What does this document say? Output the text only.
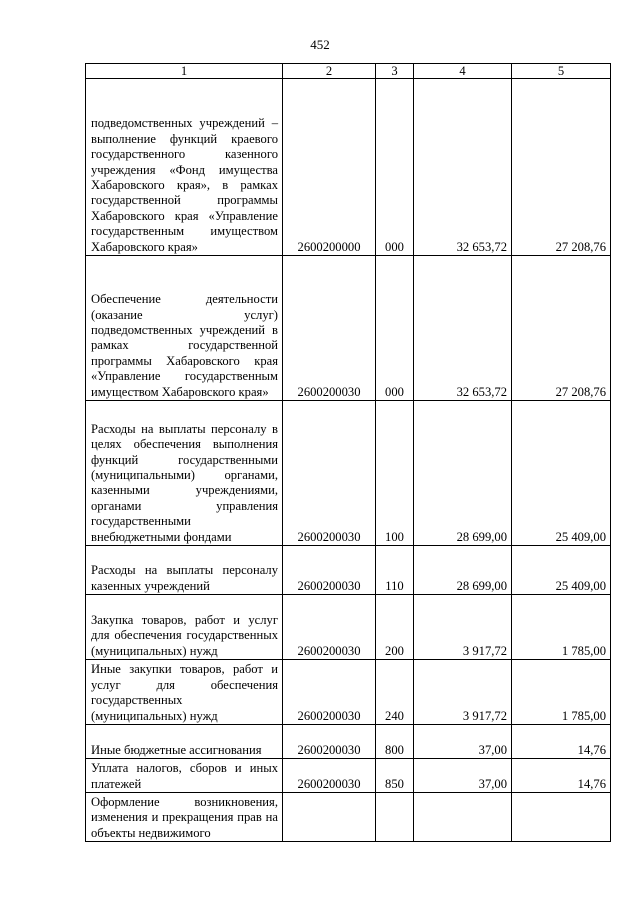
452
1	2	3	4	5
подведомственных учреждений – выполнение функций краевого государственного казенного учреждения «Фонд имущества Хабаровского края», в рамках государственной программы Хабаровского края «Управление государственным имуществом Хабаровского края»	2600200000	000	32 653,72	27 208,76
Обеспечение деятельности (оказание услуг) подведомственных учреждений в рамках государственной программы Хабаровского края «Управление государственным имуществом Хабаровского края»	2600200030	000	32 653,72	27 208,76
Расходы на выплаты персоналу в целях обеспечения выполнения функций государственными (муниципальными) органами, казенными учреждениями, органами управления государственными внебюджетными фондами	2600200030	100	28 699,00	25 409,00
Расходы на выплаты персоналу казенных учреждений	2600200030	110	28 699,00	25 409,00
Закупка товаров, работ и услуг для обеспечения государственных (муниципальных) нужд	2600200030	200	3 917,72	1 785,00
Иные закупки товаров, работ и услуг для обеспечения государственных (муниципальных) нужд	2600200030	240	3 917,72	1 785,00
Иные бюджетные ассигнования	2600200030	800	37,00	14,76
Уплата налогов, сборов и иных платежей	2600200030	850	37,00	14,76
Оформление возникновения, изменения и прекращения прав на объекты недвижимого				
